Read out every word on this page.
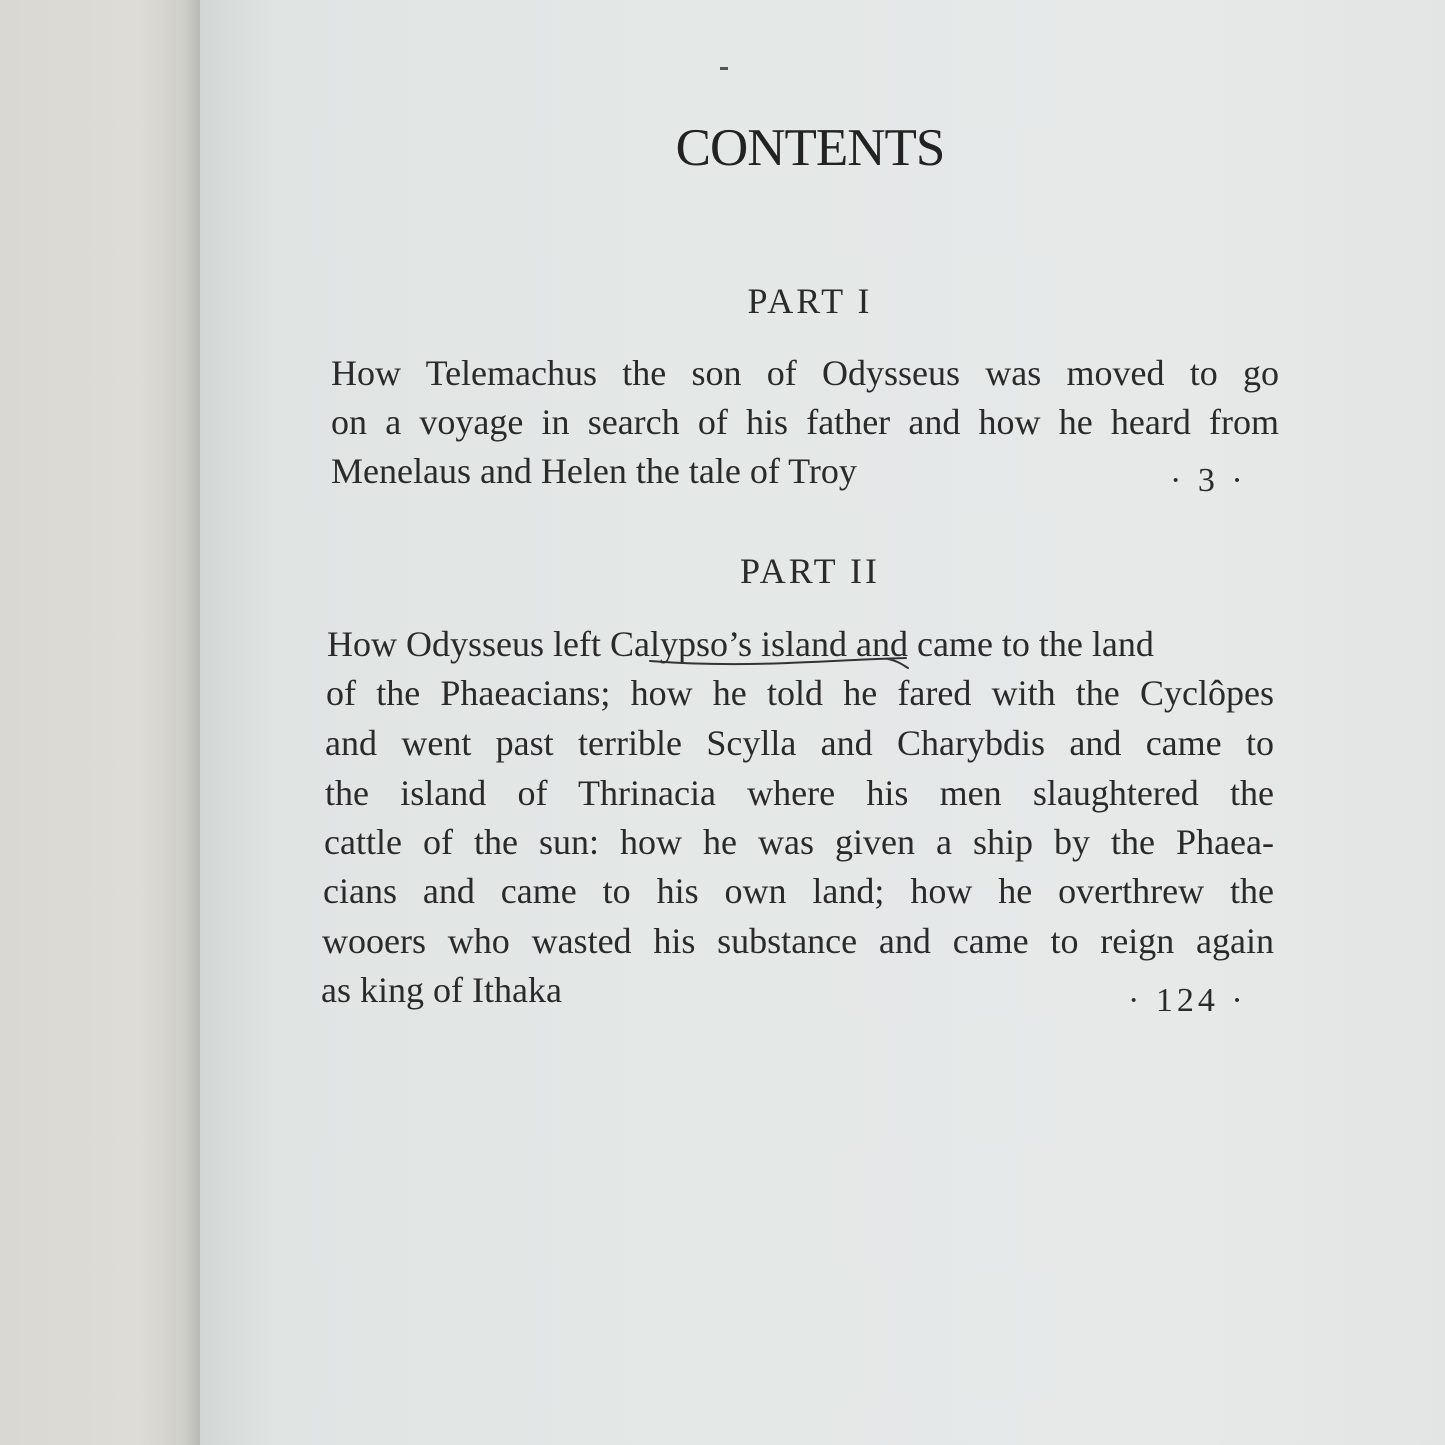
CONTENTS
PART I
How Telemachus the son of Odysseus was moved to go
on a voyage in search of his father and how he heard from
Menelaus and Helen the tale of Troy	· 3 ·
PART II
How Odysseus left Calypso’s island and came to the land
of the Phaeacians; how he told he fared with the Cyclôpes
and went past terrible Scylla and Charybdis and came to
the island of Thrinacia where his men slaughtered the
cattle of the sun: how he was given a ship by the Phaea-
cians and came to his own land; how he overthrew the
wooers who wasted his substance and came to reign again
as king of Ithaka	· 124 ·
